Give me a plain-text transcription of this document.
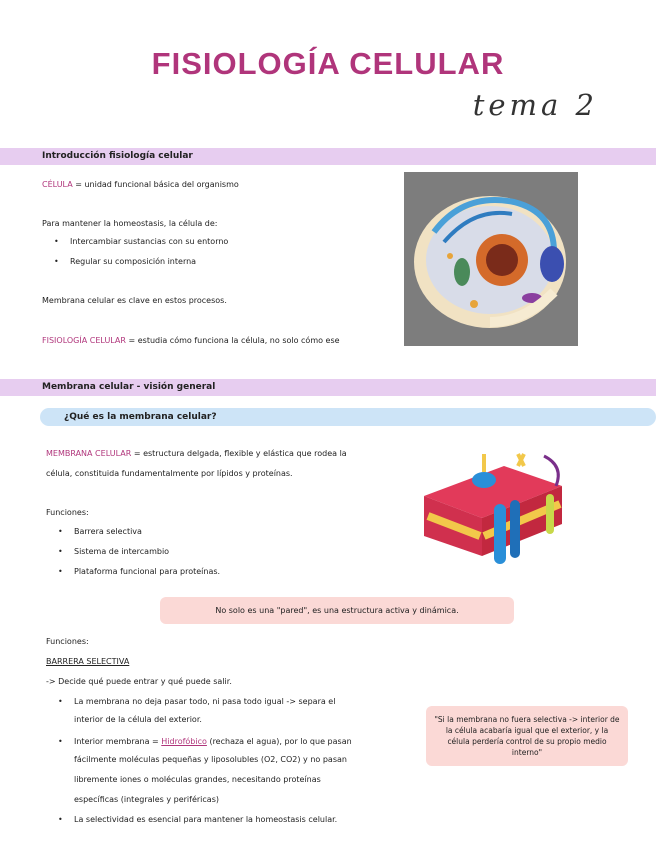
FISIOLOGÍA CELULAR
tema 2
Introducción fisiología celular
CÉLULA = unidad funcional básica del organismo
Para mantener la homeostasis, la célula de:
• Intercambiar sustancias con su entorno
• Regular su composición interna
Membrana celular es clave en estos procesos.
FISIOLOGÍA CELULAR = estudia cómo funciona la célula, no solo cómo ese
Membrana celular - visión general
¿Qué es la membrana celular?
MEMBRANA CELULAR = estructura delgada, flexible y elástica que rodea la
célula, constituida fundamentalmente por lípidos y proteínas.
Funciones:
• Barrera selectiva
• Sistema de intercambio
• Plataforma funcional para proteínas.
No solo es una "pared", es una estructura activa y dinámica.
Funciones:
BARRERA SELECTIVA
-> Decide qué puede entrar y qué puede salir.
• La membrana no deja pasar todo, ni pasa todo igual -> separa el
interior de la célula del exterior.
• Interior membrana = Hidrofóbico (rechaza el agua), por lo que pasan
fácilmente moléculas pequeñas y liposolubles (O2, CO2) y no pasan
libremente iones o moléculas grandes, necesitando proteínas
específicas (integrales y periféricas)
• La selectividad es esencial para mantener la homeostasis celular.
"Si la membrana no fuera selectiva -> interior de la célula acabaría igual que el exterior, y la célula perdería control de su propio medio interno"
